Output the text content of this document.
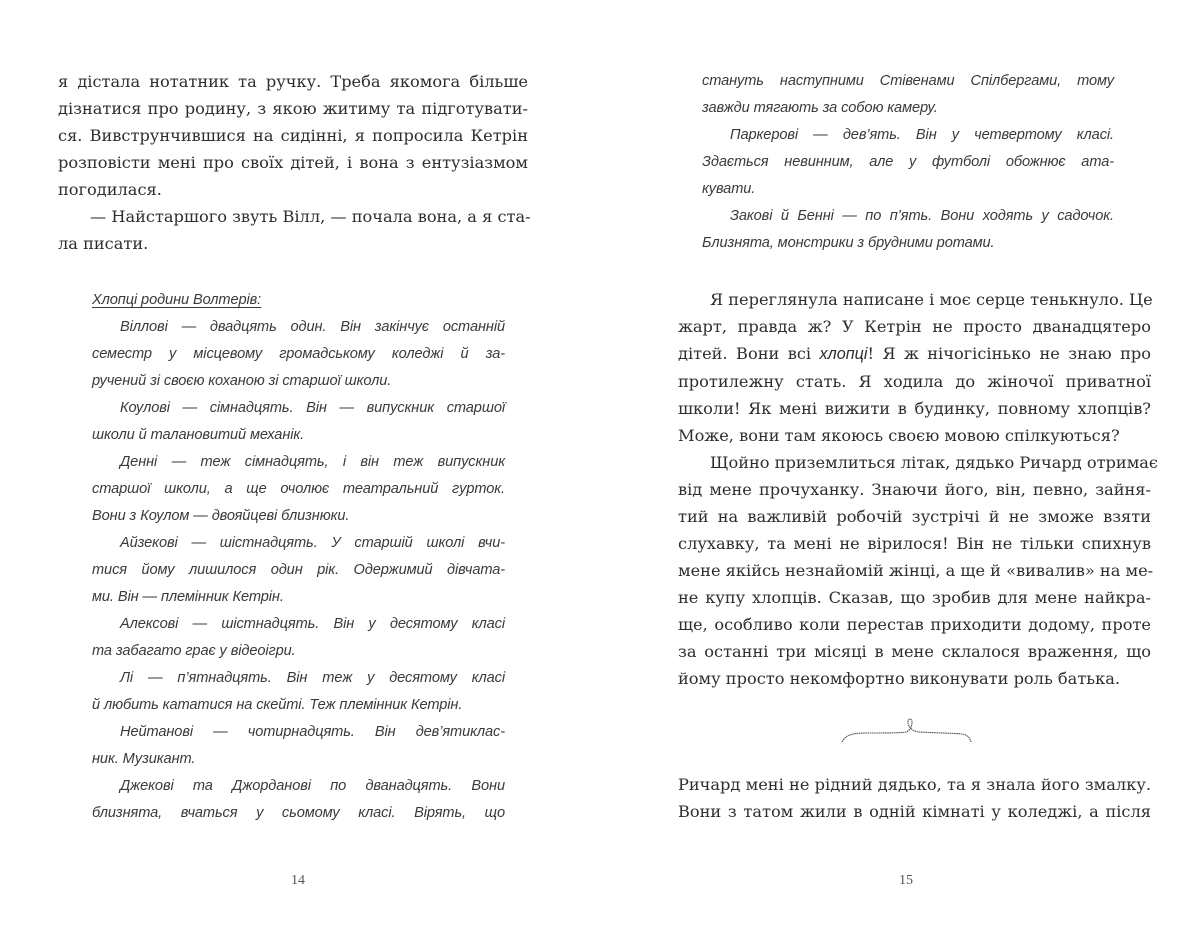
я дістала нотатник та ручку. Треба якомога більше
дізнатися про родину, з якою житиму та підготувати-
ся. Вивструнчившися на сидінні, я попросила Кетрін
розповісти мені про своїх дітей, і вона з ентузіазмом
погодилася.
— Найстаршого звуть Вілл, — почала вона, а я ста-
ла писати.
Хлопці родини Волтерів:
Віллові — двадцять один. Він закінчує останній
семестр у місцевому громадському коледжі й за-
ручений зі своєю коханою зі старшої школи.
Коулові — сімнадцять. Він — випускник старшої
школи й талановитий механік.
Денні — теж сімнадцять, і він теж випускник
старшої школи, а ще очолює театральний гурток.
Вони з Коулом — двояйцеві близнюки.
Айзекові — шістнадцять. У старшій школі вчи-
тися йому лишилося один рік. Одержимий дівчата-
ми. Він — племінник Кетрін.
Алексові — шістнадцять. Він у десятому класі
та забагато грає у відеоігри.
Лі — п’ятнадцять. Він теж у десятому класі
й любить кататися на скейті. Теж племінник Кетрін.
Нейтанові — чотирнадцять. Він дев’ятиклас-
ник. Музикант.
Джекові та Джорданові по дванадцять. Вони
близнята, вчаться у сьомому класі. Вірять, що
14
стануть наступними Стівенами Спілбергами, тому
завжди тягають за собою камеру.
Паркерові — дев’ять. Він у четвертому класі.
Здається невинним, але у футболі обожнює ата-
кувати.
Закові й Бенні — по п’ять. Вони ходять у садочок.
Близнята, монстрики з брудними ротами.
Я переглянула написане і моє серце тенькнуло. Це
жарт, правда ж? У Кетрін не просто дванадцятеро
дітей. Вони всі хлопці! Я ж нічогісінько не знаю про
протилежну стать. Я ходила до жіночої приватної
школи! Як мені вижити в будинку, повному хлопців?
Може, вони там якоюсь своєю мовою спілкуються?
Щойно приземлиться літак, дядько Ричард отримає
від мене прочуханку. Знаючи його, він, певно, зайня-
тий на важливій робочій зустрічі й не зможе взяти
слухавку, та мені не вірилося! Він не тільки спихнув
мене якійсь незнайомій жінці, а ще й «вивалив» на ме-
не купу хлопців. Сказав, що зробив для мене найкра-
ще, особливо коли перестав приходити додому, проте
за останні три місяці в мене склалося враження, що
йому просто некомфортно виконувати роль батька.
Ричард мені не рідний дядько, та я знала його змалку.
Вони з татом жили в одній кімнаті у коледжі, а після
15
